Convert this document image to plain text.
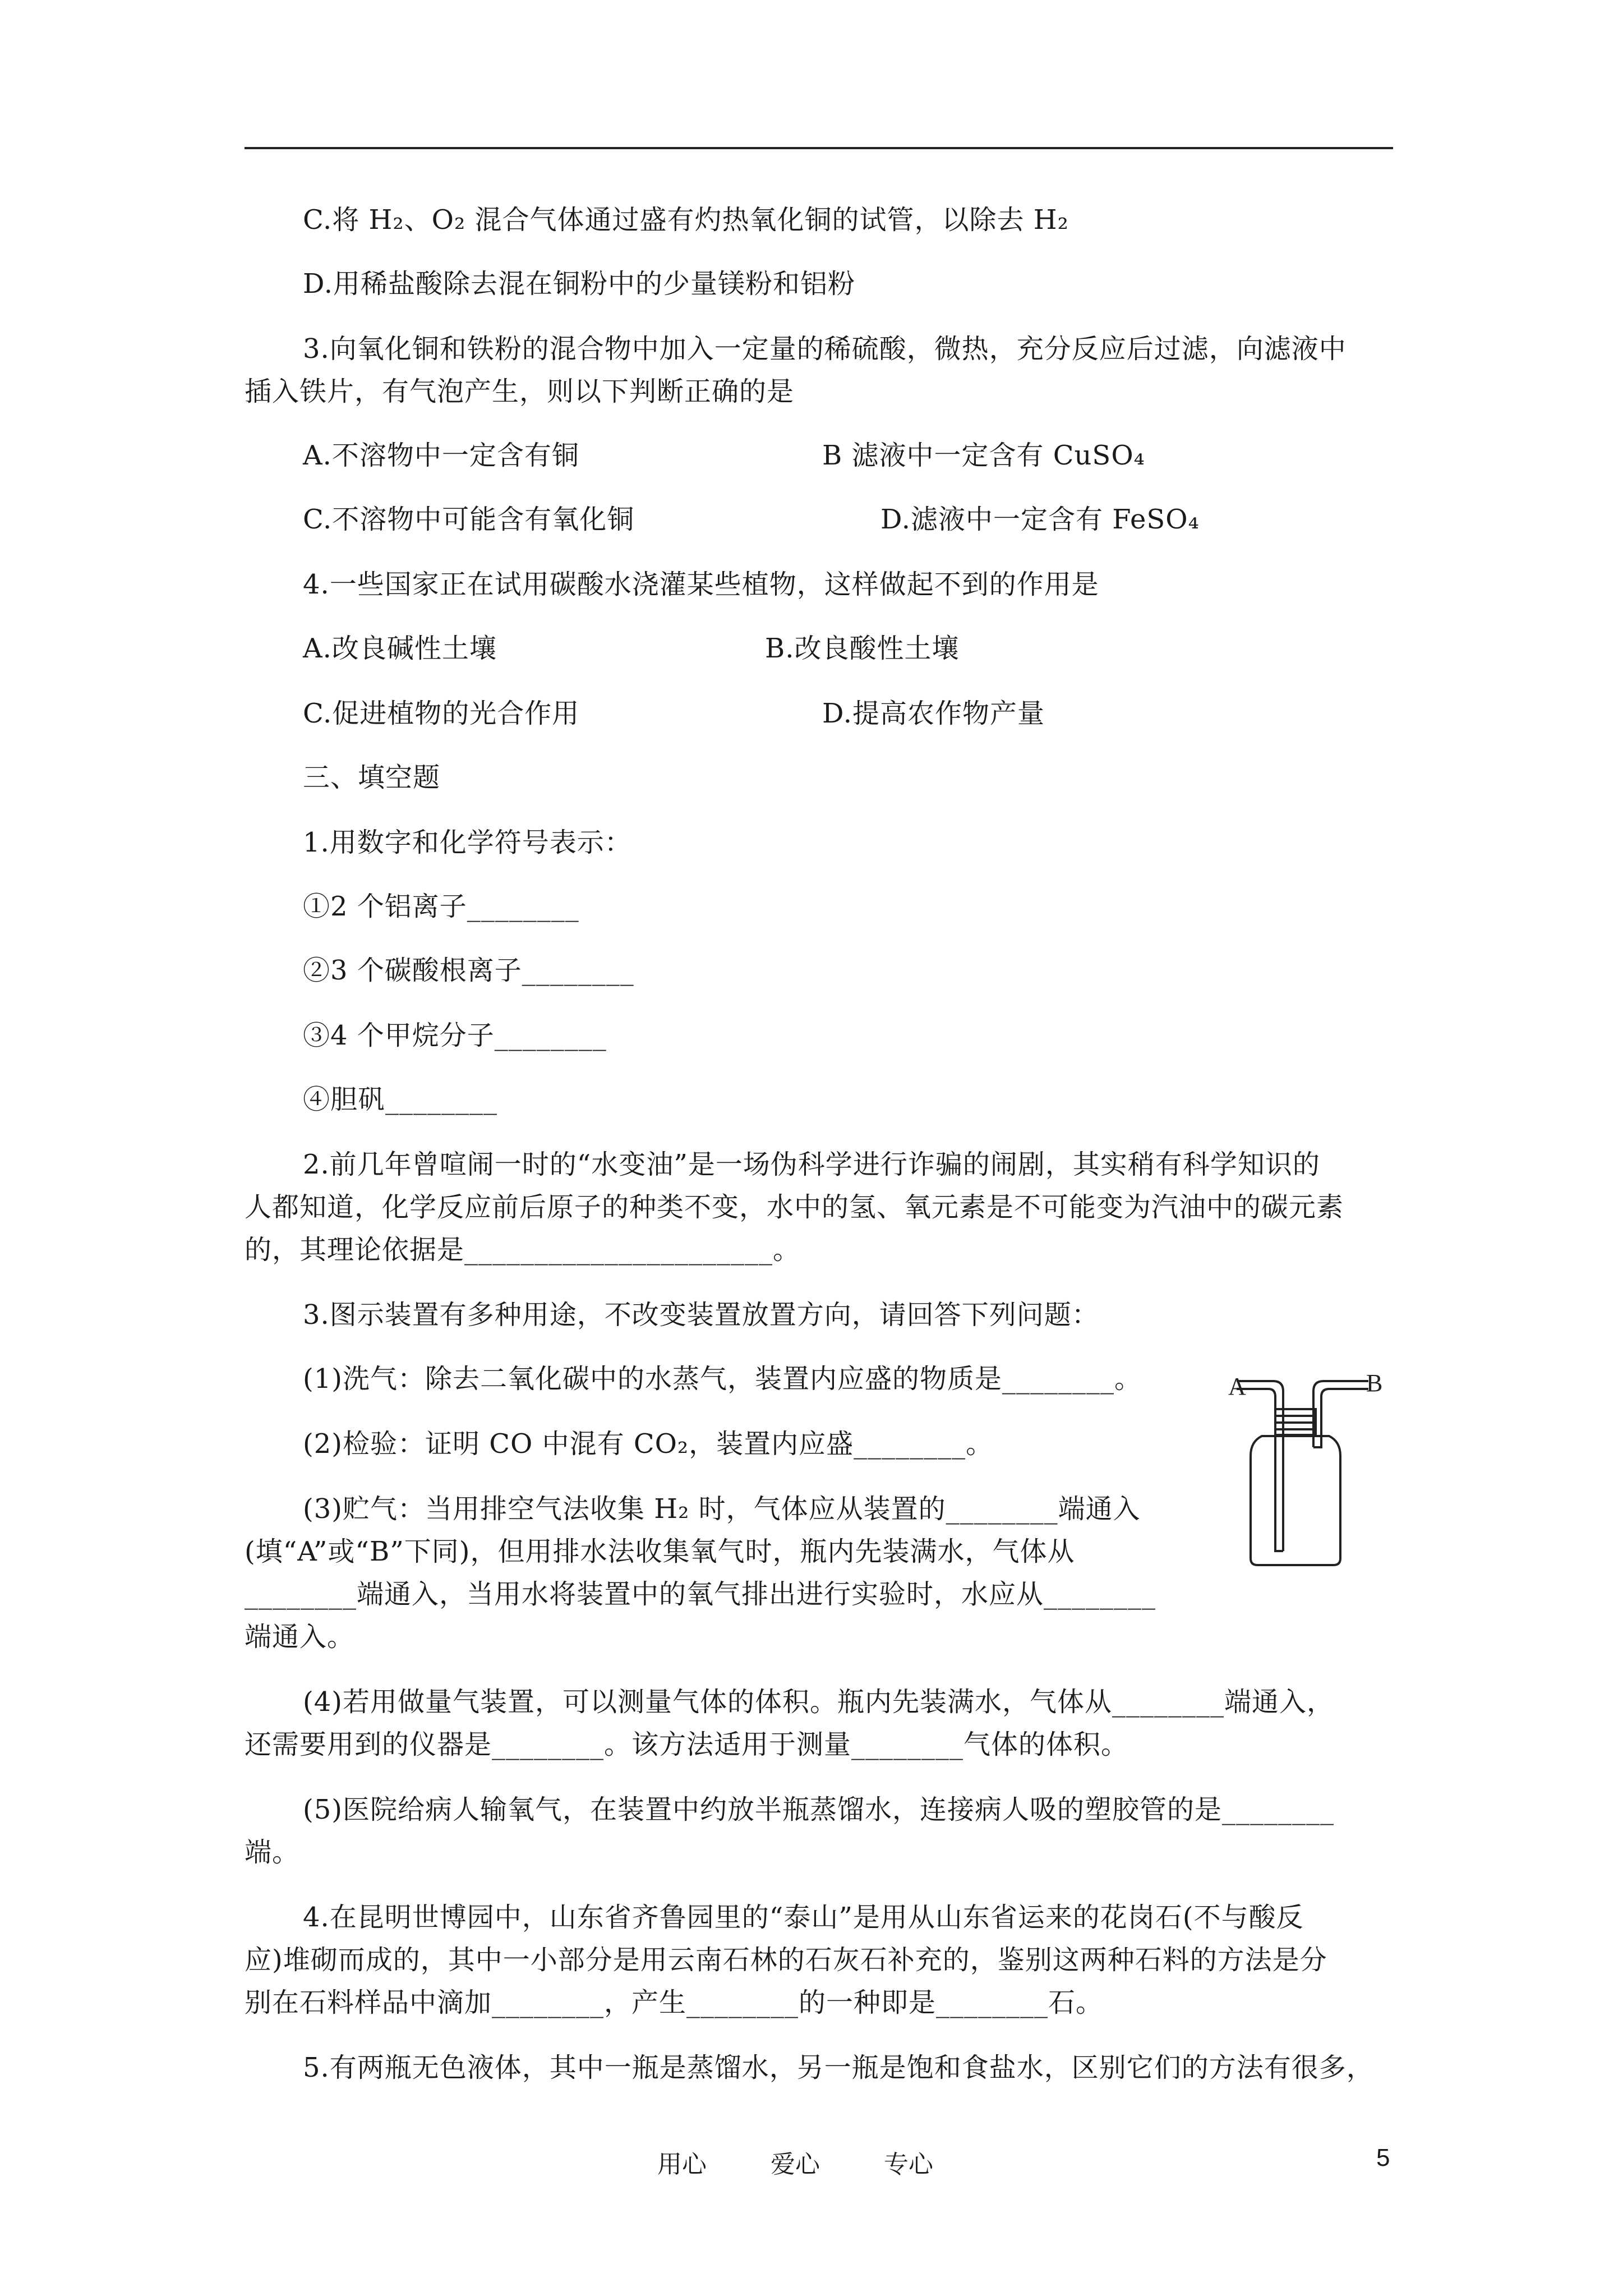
C.将 H₂、O₂ 混合气体通过盛有灼热氧化铜的试管，以除去 H₂
D.用稀盐酸除去混在铜粉中的少量镁粉和铝粉
3.向氧化铜和铁粉的混合物中加入一定量的稀硫酸，微热，充分反应后过滤，向滤液中
插入铁片，有气泡产生，则以下判断正确的是
A.不溶物中一定含有铜	B 滤液中一定含有 CuSO₄
C.不溶物中可能含有氧化铜	D.滤液中一定含有 FeSO₄
4.一些国家正在试用碳酸水浇灌某些植物，这样做起不到的作用是
A.改良碱性土壤	B.改良酸性土壤
C.促进植物的光合作用	D.提高农作物产量
三、填空题
1.用数字和化学符号表示：
①2 个铝离子________
②3 个碳酸根离子________
③4 个甲烷分子________
④胆矾________
2.前几年曾喧闹一时的“水变油”是一场伪科学进行诈骗的闹剧，其实稍有科学知识的
人都知道，化学反应前后原子的种类不变，水中的氢、氧元素是不可能变为汽油中的碳元素
的，其理论依据是______________________。
3.图示装置有多种用途，不改变装置放置方向，请回答下列问题：
(1)洗气：除去二氧化碳中的水蒸气，装置内应盛的物质是________。
(2)检验：证明 CO 中混有 CO₂，装置内应盛________。
(3)贮气：当用排空气法收集 H₂ 时，气体应从装置的________端通入
(填“A”或“B”下同)，但用排水法收集氧气时，瓶内先装满水，气体从
________端通入，当用水将装置中的氧气排出进行实验时，水应从________
端通入。
(4)若用做量气装置，可以测量气体的体积。瓶内先装满水，气体从________端通入，
还需要用到的仪器是________。该方法适用于测量________气体的体积。
(5)医院给病人输氧气，在装置中约放半瓶蒸馏水，连接病人吸的塑胶管的是________
端。
4.在昆明世博园中，山东省齐鲁园里的“泰山”是用从山东省运来的花岗石(不与酸反
应)堆砌而成的，其中一小部分是用云南石林的石灰石补充的，鉴别这两种石料的方法是分
别在石料样品中滴加________，产生________的一种即是________石。
5.有两瓶无色液体，其中一瓶是蒸馏水，另一瓶是饱和食盐水，区别它们的方法有很多，
A	B
用心	爱心	专心	5
